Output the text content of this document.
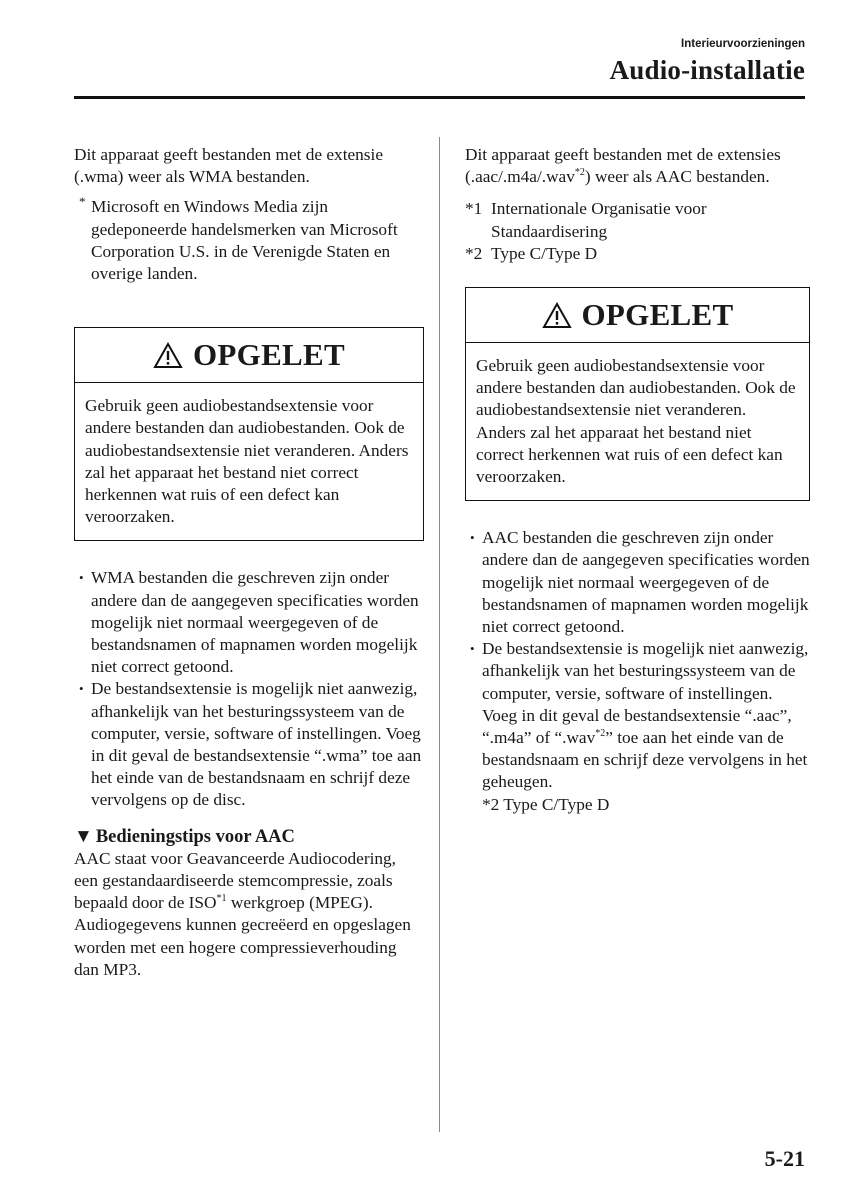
Interieurvoorzieningen
Audio-installatie

Dit apparaat geeft bestanden met de extensie (.wma) weer als WMA bestanden.

* Microsoft en Windows Media zijn gedeponeerde handelsmerken van Microsoft Corporation U.S. in de Verenigde Staten en overige landen.
OPGELET
Gebruik geen audiobestandsextensie voor andere bestanden dan audiobestanden. Ook de audiobestandsextensie niet veranderen. Anders zal het apparaat het bestand niet correct herkennen wat ruis of een defect kan veroorzaken.
• WMA bestanden die geschreven zijn onder andere dan de aangegeven specificaties worden mogelijk niet normaal weergegeven of de bestandsnamen of mapnamen worden mogelijk niet correct getoond.
• De bestandsextensie is mogelijk niet aanwezig, afhankelijk van het besturingssysteem van de computer, versie, software of instellingen. Voeg in dit geval de bestandsextensie “.wma” toe aan het einde van de bestandsnaam en schrijf deze vervolgens op de disc.
▼ Bedieningstips voor AAC

AAC staat voor Geavanceerde Audiocodering, een gestandaardiseerde stemcompressie, zoals bepaald door de ISO$^{*1}$ werkgroep (MPEG). Audiogegevens kunnen gecreëerd en opgeslagen worden met een hogere compressieverhouding dan MP3.

Dit apparaat geeft bestanden met de extensies (.aac/.m4a/.wav$^{*2}$) weer als AAC bestanden.

*1 Internationale Organisatie voor Standaardisering
*2 Type C/Type D
OPGELET
Gebruik geen audiobestandsextensie voor andere bestanden dan audiobestanden. Ook de audiobestandsextensie niet veranderen. Anders zal het apparaat het bestand niet correct herkennen wat ruis of een defect kan veroorzaken.
• AAC bestanden die geschreven zijn onder andere dan de aangegeven specificaties worden mogelijk niet normaal weergegeven of de bestandsnamen of mapnamen worden mogelijk niet correct getoond.
• De bestandsextensie is mogelijk niet aanwezig, afhankelijk van het besturingssysteem van de computer, versie, software of instellingen. Voeg in dit geval de bestandsextensie “.aac”, “.m4a” of “.wav$^{*2}$” toe aan het einde van de bestandsnaam en schrijf deze vervolgens in het geheugen.
*2 Type C/Type D
5-21
